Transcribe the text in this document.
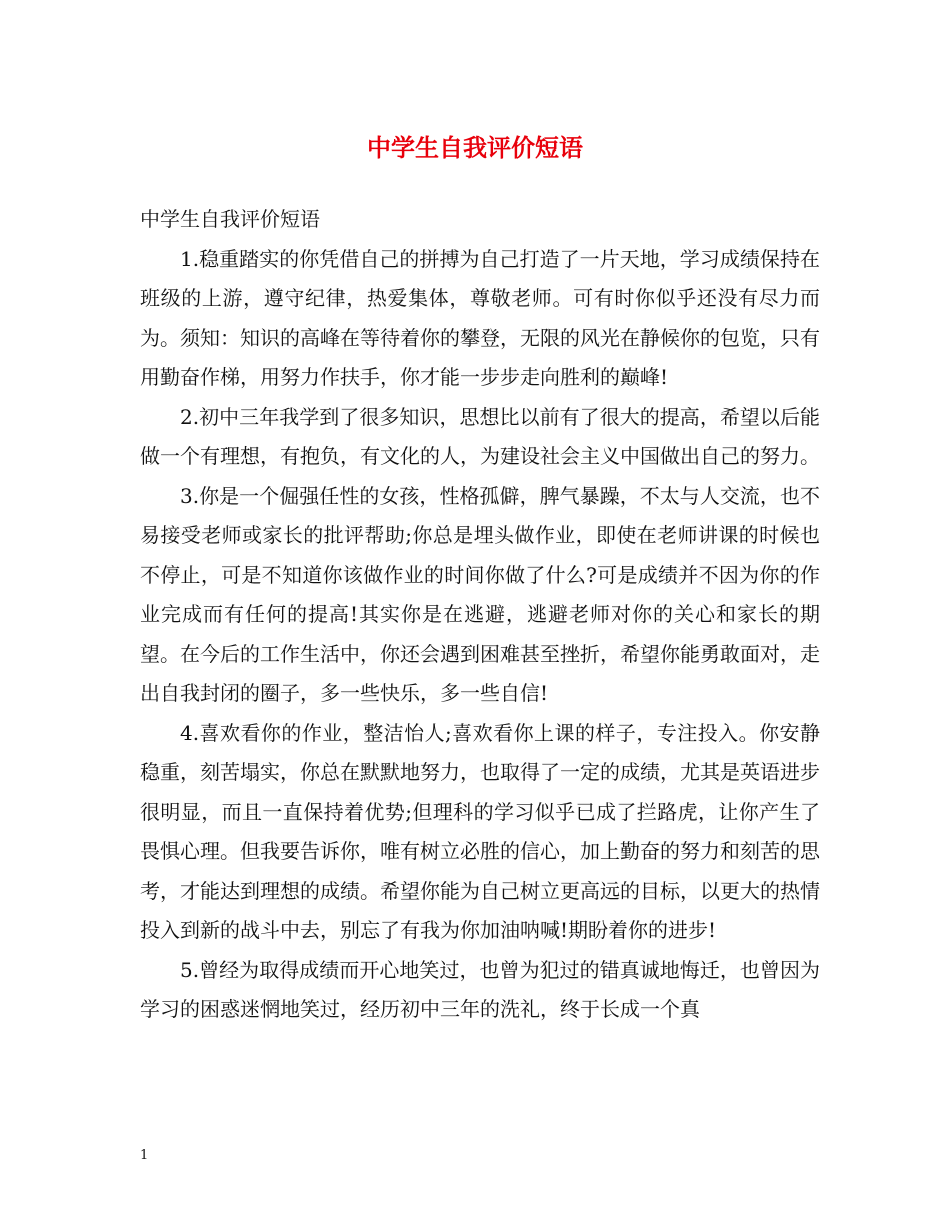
中学生自我评价短语

中学生自我评价短语

1.稳重踏实的你凭借自己的拼搏为自己打造了一片天地，学习成绩保持在班级的上游，遵守纪律，热爱集体，尊敬老师。可有时你似乎还没有尽力而为。须知：知识的高峰在等待着你的攀登，无限的风光在静候你的包览，只有用勤奋作梯，用努力作扶手，你才能一步步走向胜利的巅峰!

2.初中三年我学到了很多知识，思想比以前有了很大的提高，希望以后能做一个有理想，有抱负，有文化的人，为建设社会主义中国做出自己的努力。

3.你是一个倔强任性的女孩，性格孤僻，脾气暴躁，不太与人交流，也不易接受老师或家长的批评帮助;你总是埋头做作业，即使在老师讲课的时候也不停止，可是不知道你该做作业的时间你做了什么?可是成绩并不因为你的作业完成而有任何的提高!其实你是在逃避，逃避老师对你的关心和家长的期望。在今后的工作生活中，你还会遇到困难甚至挫折，希望你能勇敢面对，走出自我封闭的圈子，多一些快乐，多一些自信!

4.喜欢看你的作业，整洁怡人;喜欢看你上课的样子，专注投入。你安静稳重，刻苦塌实，你总在默默地努力，也取得了一定的成绩，尤其是英语进步很明显，而且一直保持着优势;但理科的学习似乎已成了拦路虎，让你产生了畏惧心理。但我要告诉你，唯有树立必胜的信心，加上勤奋的努力和刻苦的思考，才能达到理想的成绩。希望你能为自己树立更高远的目标，以更大的热情投入到新的战斗中去，别忘了有我为你加油呐喊!期盼着你的进步!

5.曾经为取得成绩而开心地笑过，也曾为犯过的错真诚地悔迁，也曾因为学习的困惑迷惘地笑过，经历初中三年的洗礼，终于长成一个真

1
